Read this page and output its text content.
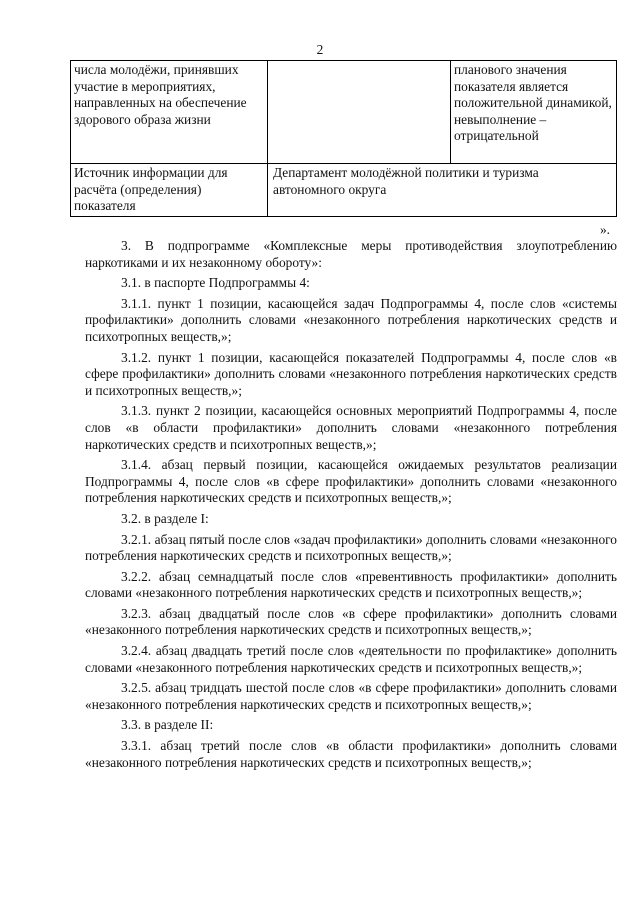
2
числа молодёжи, принявших участие в мероприятиях, направленных на обеспечение здорового образа жизни		планового значения показателя является положительной динамикой, невыполнение – отрицательной
Источник информации для расчёта (определения) показателя	Департамент молодёжной политики и туризма автономного округа	
».

3. В подпрограмме «Комплексные меры противодействия злоупотреблению наркотиками и их незаконному обороту»:

3.1. в паспорте Подпрограммы 4:

3.1.1. пункт 1 позиции, касающейся задач Подпрограммы 4, после слов «системы профилактики» дополнить словами «незаконного потребления наркотических средств и психотропных веществ,»;

3.1.2. пункт 1 позиции, касающейся показателей Подпрограммы 4, после слов «в сфере профилактики» дополнить словами «незаконного потребления наркотических средств и психотропных веществ,»;

3.1.3. пункт 2 позиции, касающейся основных мероприятий Подпрограммы 4, после слов «в области профилактики» дополнить словами «незаконного потребления наркотических средств и психотропных веществ,»;

3.1.4. абзац первый позиции, касающейся ожидаемых результатов реализации Подпрограммы 4, после слов «в сфере профилактики» дополнить словами «незаконного потребления наркотических средств и психотропных веществ,»;

3.2. в разделе I:

3.2.1. абзац пятый после слов «задач профилактики» дополнить словами «незаконного потребления наркотических средств и психотропных веществ,»;

3.2.2. абзац семнадцатый после слов «превентивность профилактики» дополнить словами «незаконного потребления наркотических средств и психотропных веществ,»;

3.2.3. абзац двадцатый после слов «в сфере профилактики» дополнить словами «незаконного потребления наркотических средств и психотропных веществ,»;

3.2.4. абзац двадцать третий после слов «деятельности по профилактике» дополнить словами «незаконного потребления наркотических средств и психотропных веществ,»;

3.2.5. абзац тридцать шестой после слов «в сфере профилактики» дополнить словами «незаконного потребления наркотических средств и психотропных веществ,»;

3.3. в разделе II:

3.3.1. абзац третий после слов «в области профилактики» дополнить словами «незаконного потребления наркотических средств и психотропных веществ,»;
